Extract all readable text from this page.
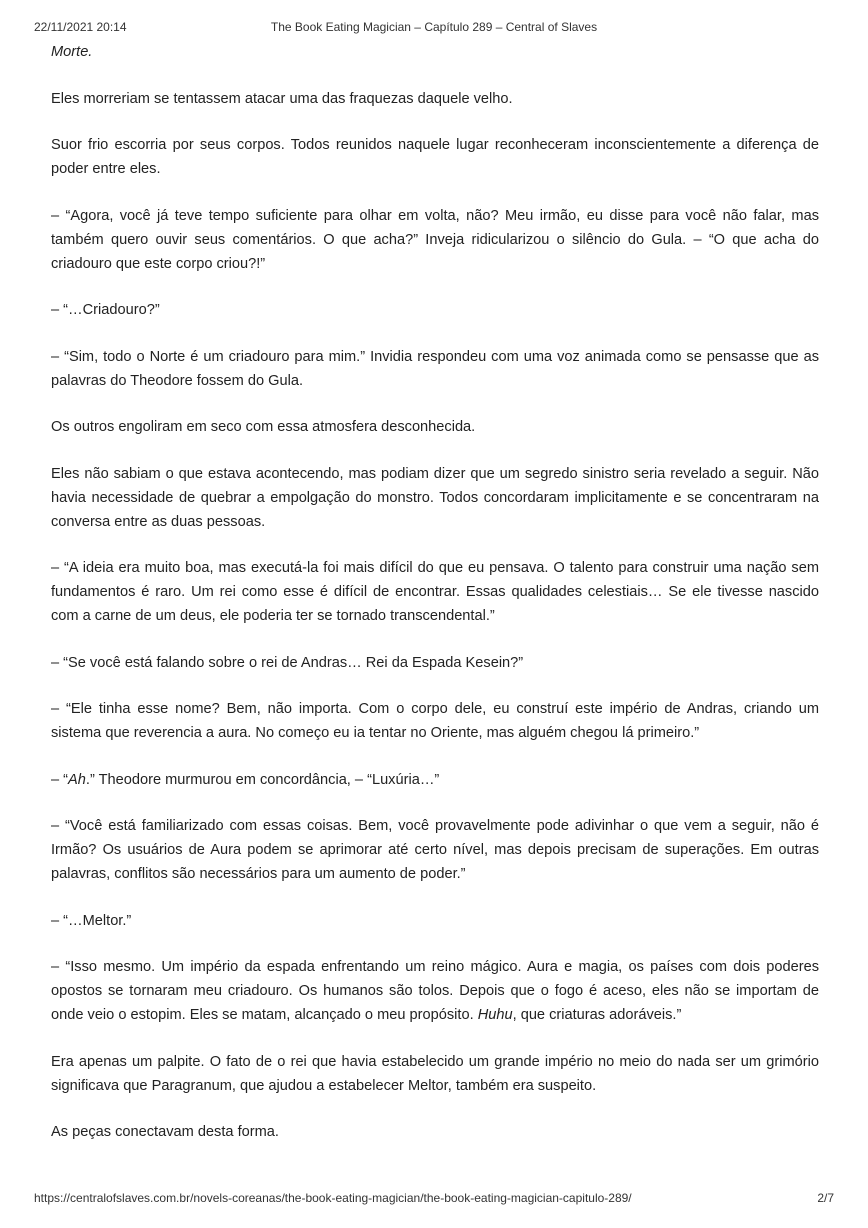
22/11/2021 20:14	The Book Eating Magician – Capítulo 289 – Central of Slaves

Morte.

Eles morreriam se tentassem atacar uma das fraquezas daquele velho.

Suor frio escorria por seus corpos. Todos reunidos naquele lugar reconheceram inconscientemente a diferença de poder entre eles.

– “Agora, você já teve tempo suficiente para olhar em volta, não? Meu irmão, eu disse para você não falar, mas também quero ouvir seus comentários. O que acha?” Inveja ridicularizou o silêncio do Gula. – “O que acha do criadouro que este corpo criou?!”

– “…Criadouro?”

– “Sim, todo o Norte é um criadouro para mim.” Invidia respondeu com uma voz animada como se pensasse que as palavras do Theodore fossem do Gula.

Os outros engoliram em seco com essa atmosfera desconhecida.

Eles não sabiam o que estava acontecendo, mas podiam dizer que um segredo sinistro seria revelado a seguir. Não havia necessidade de quebrar a empolgação do monstro. Todos concordaram implicitamente e se concentraram na conversa entre as duas pessoas.

– “A ideia era muito boa, mas executá-la foi mais difícil do que eu pensava. O talento para construir uma nação sem fundamentos é raro. Um rei como esse é difícil de encontrar. Essas qualidades celestiais… Se ele tivesse nascido com a carne de um deus, ele poderia ter se tornado transcendental.”

– “Se você está falando sobre o rei de Andras… Rei da Espada Kesein?”

– “Ele tinha esse nome? Bem, não importa. Com o corpo dele, eu construí este império de Andras, criando um sistema que reverencia a aura. No começo eu ia tentar no Oriente, mas alguém chegou lá primeiro.”

– “Ah.” Theodore murmurou em concordância, – “Luxúria…”

– “Você está familiarizado com essas coisas. Bem, você provavelmente pode adivinhar o que vem a seguir, não é Irmão? Os usuários de Aura podem se aprimorar até certo nível, mas depois precisam de superações. Em outras palavras, conflitos são necessários para um aumento de poder.”

– “…Meltor.”

– “Isso mesmo. Um império da espada enfrentando um reino mágico. Aura e magia, os países com dois poderes opostos se tornaram meu criadouro. Os humanos são tolos. Depois que o fogo é aceso, eles não se importam de onde veio o estopim. Eles se matam, alcançado o meu propósito. Huhu, que criaturas adoráveis.”

Era apenas um palpite. O fato de o rei que havia estabelecido um grande império no meio do nada ser um grimório significava que Paragranum, que ajudou a estabelecer Meltor, também era suspeito.

As peças conectavam desta forma.

https://centralofslaves.com.br/novels-coreanas/the-book-eating-magician/the-book-eating-magician-capitulo-289/	2/7
